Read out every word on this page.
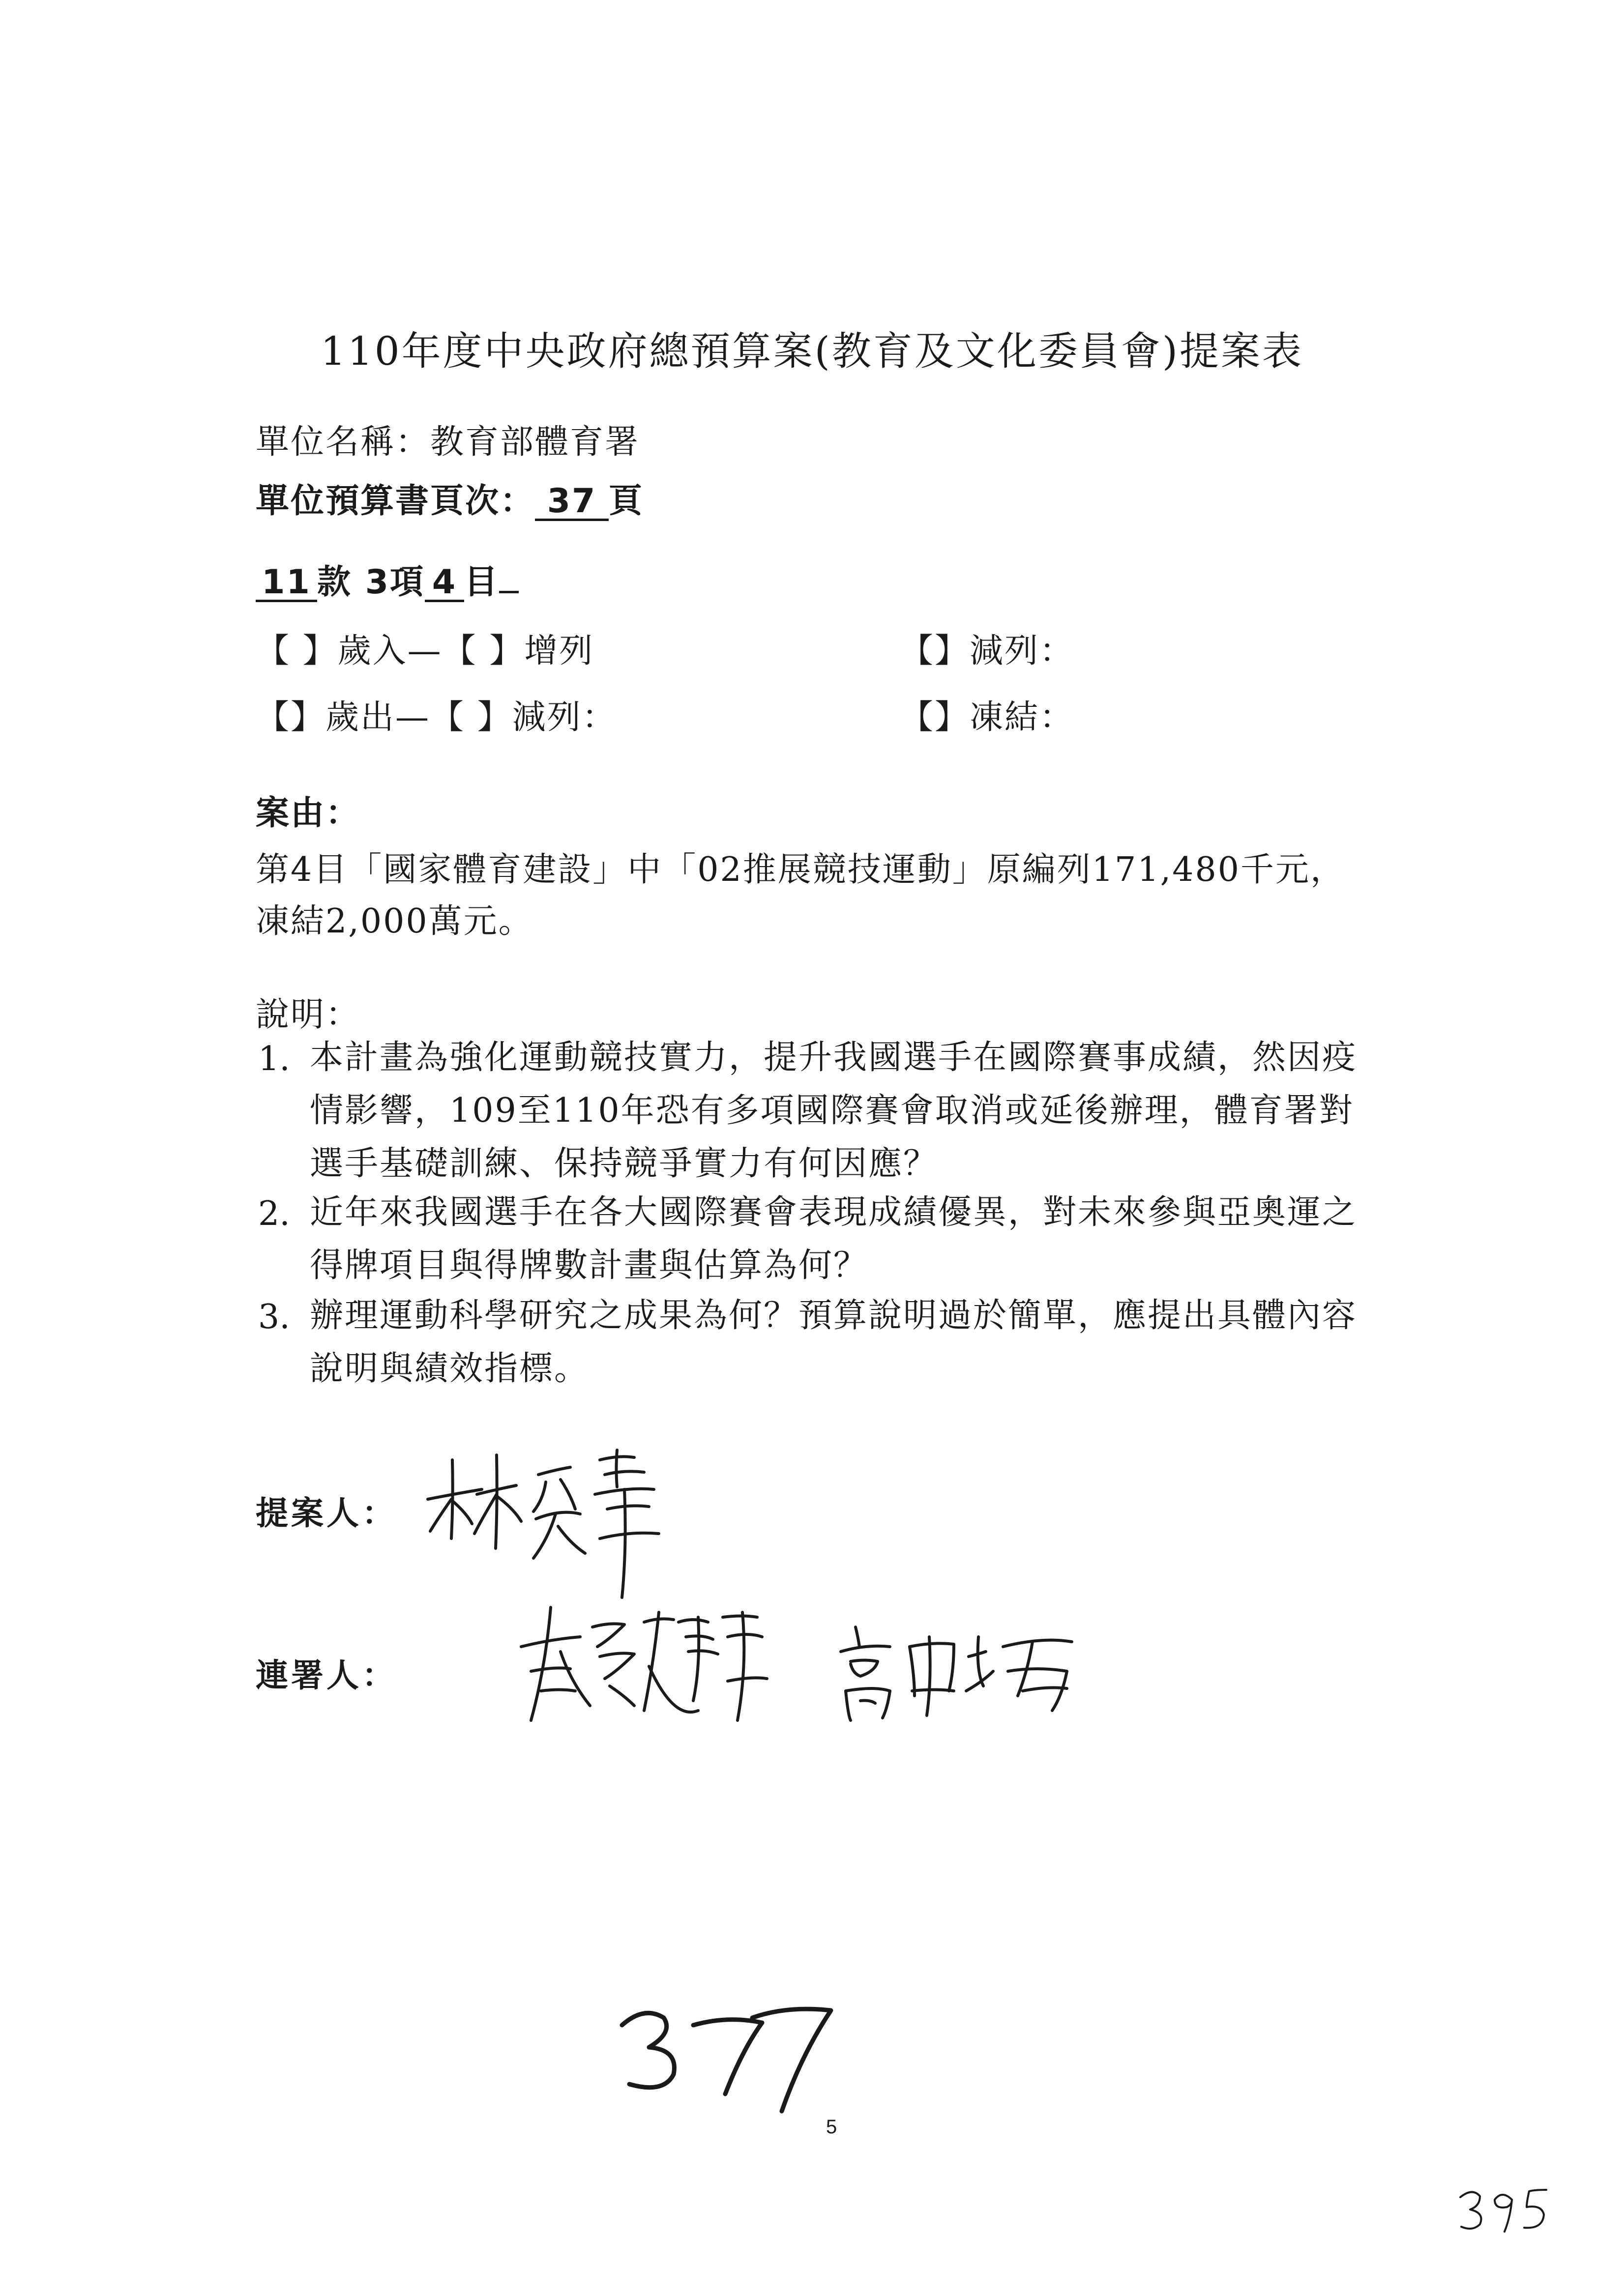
110年度中央政府總預算案(教育及文化委員會)提案表
單位名稱：教育部體育署
單位預算書頁次： 37 頁
11 款 3項 4 目
【 】歲入—【 】增列	【】減列：
【】歲出—【 】減列：	【】凍結：
案由：
第4目「國家體育建設」中「02推展競技運動」原編列171,480千元，
凍結2,000萬元。
說明：
1. 本計畫為強化運動競技實力，提升我國選手在國際賽事成績，然因疫情影響，109至110年恐有多項國際賽會取消或延後辦理，體育署對選手基礎訓練、保持競爭實力有何因應？
2. 近年來我國選手在各大國際賽會表現成績優異，對未來參與亞奧運之得牌項目與得牌數計畫與估算為何？
3. 辦理運動科學研究之成果為何？預算說明過於簡單，應提出具體內容說明與績效指標。
提案人：
連署人：
5
